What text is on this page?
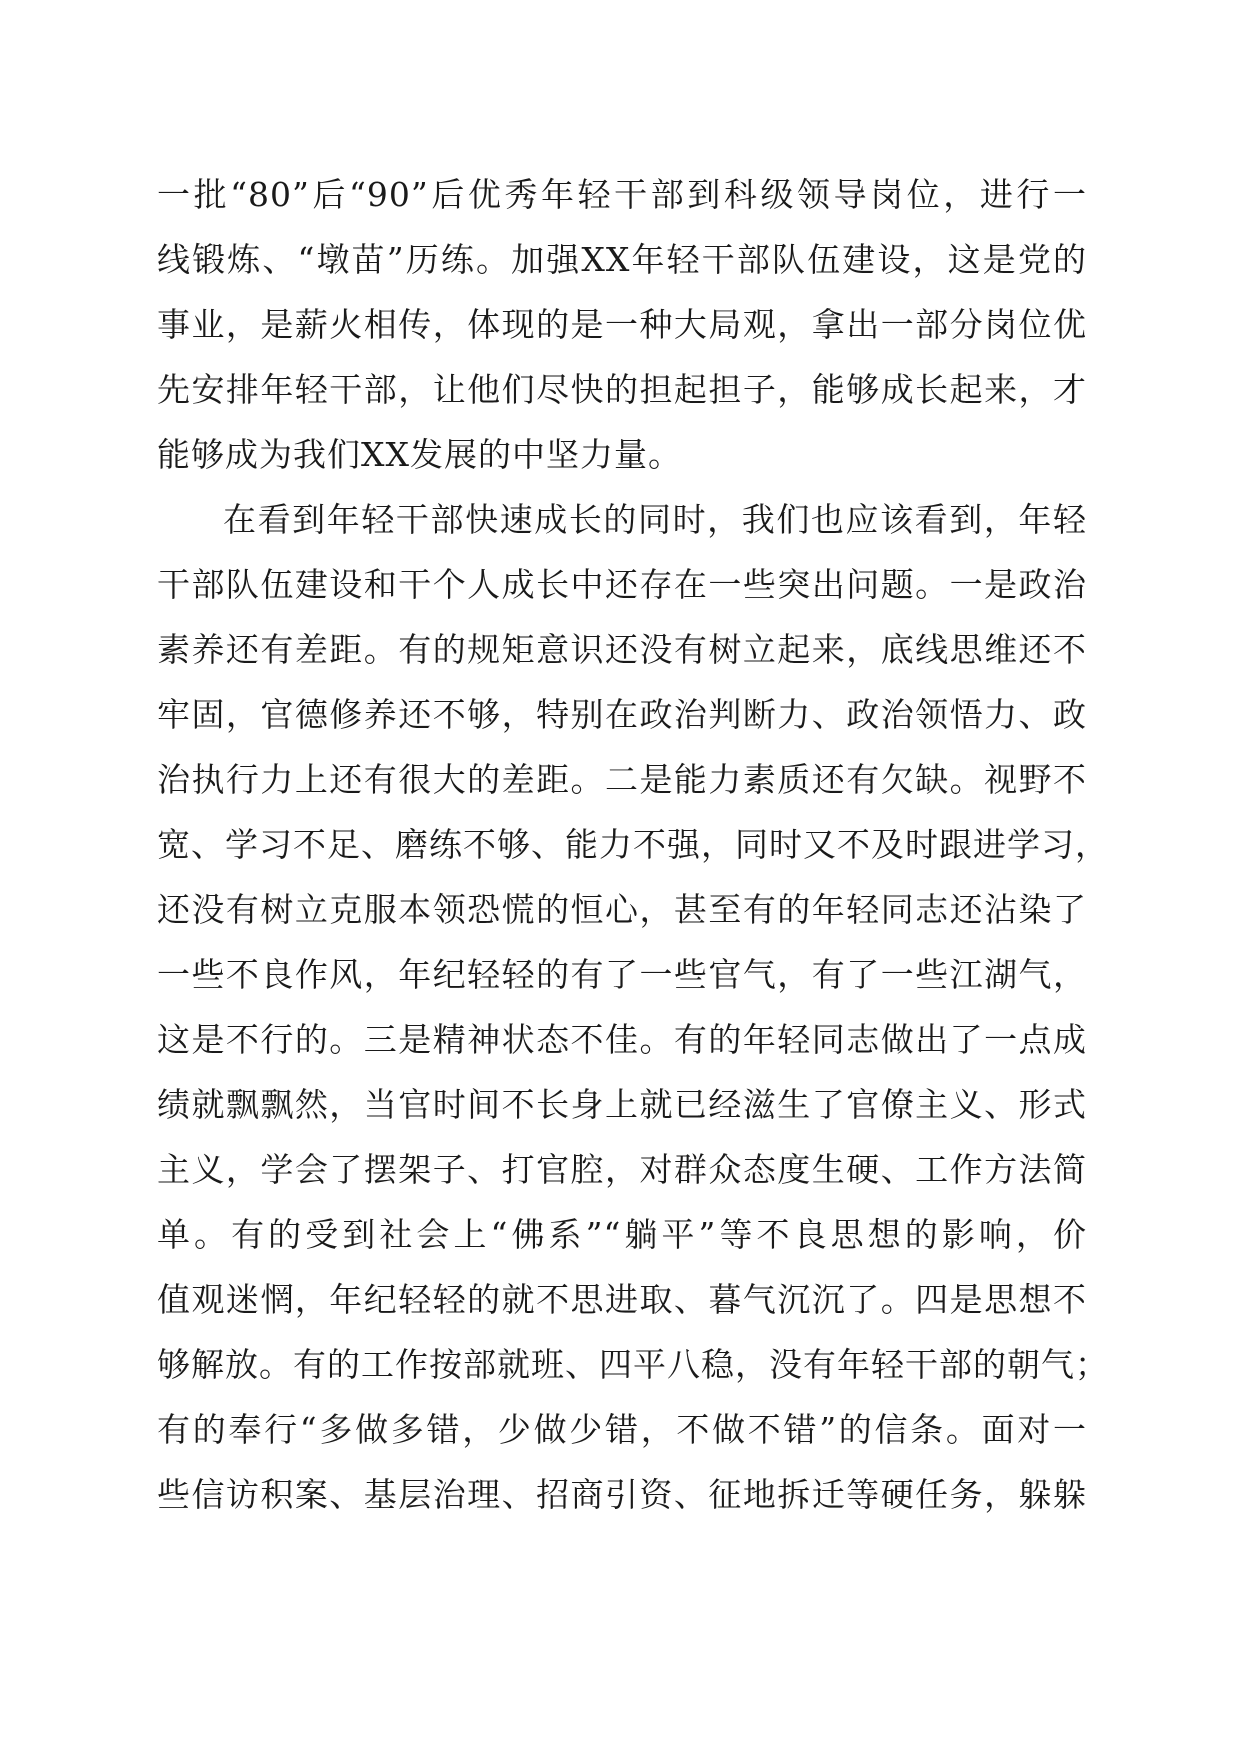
一批“80”后“90”后优秀年轻干部到科级领导岗位，进行一
线锻炼、“墩苗”历练。加强XX年轻干部队伍建设，这是党的
事业，是薪火相传，体现的是一种大局观，拿出一部分岗位优
先安排年轻干部，让他们尽快的担起担子，能够成长起来，才
能够成为我们XX发展的中坚力量。
在看到年轻干部快速成长的同时，我们也应该看到，年轻
干部队伍建设和干个人成长中还存在一些突出问题。一是政治
素养还有差距。有的规矩意识还没有树立起来，底线思维还不
牢固，官德修养还不够，特别在政治判断力、政治领悟力、政
治执行力上还有很大的差距。二是能力素质还有欠缺。视野不
宽、学习不足、磨练不够、能力不强，同时又不及时跟进学习，
还没有树立克服本领恐慌的恒心，甚至有的年轻同志还沾染了
一些不良作风，年纪轻轻的有了一些官气，有了一些江湖气，
这是不行的。三是精神状态不佳。有的年轻同志做出了一点成
绩就飘飘然，当官时间不长身上就已经滋生了官僚主义、形式
主义，学会了摆架子、打官腔，对群众态度生硬、工作方法简
单。有的受到社会上“佛系”“躺平”等不良思想的影响，价
值观迷惘，年纪轻轻的就不思进取、暮气沉沉了。四是思想不
够解放。有的工作按部就班、四平八稳，没有年轻干部的朝气；
有的奉行“多做多错，少做少错，不做不错”的信条。面对一
些信访积案、基层治理、招商引资、征地拆迁等硬任务，躲躲
